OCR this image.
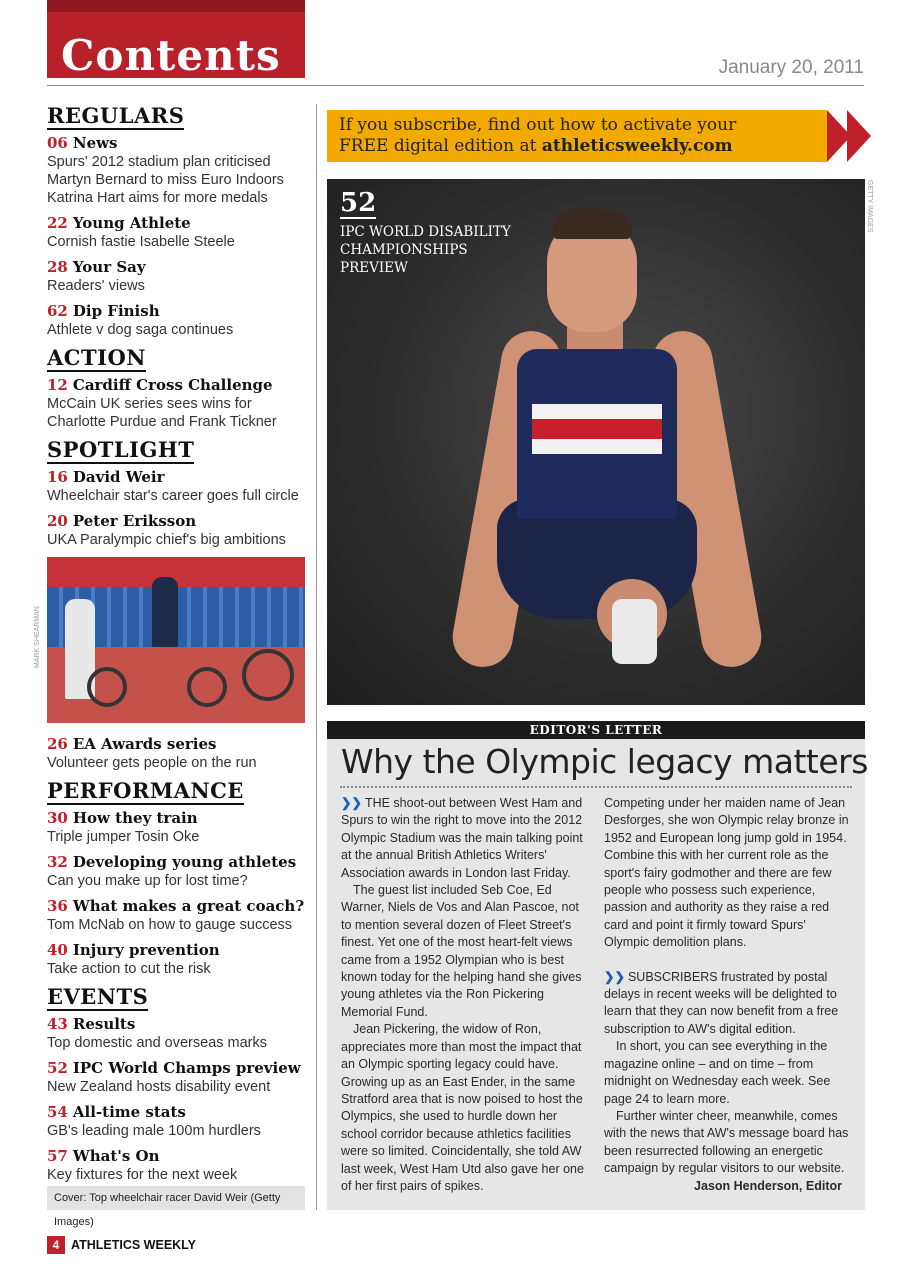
Contents	January 20, 2011
REGULARS
06 News
Spurs' 2012 stadium plan criticised
Martyn Bernard to miss Euro Indoors
Katrina Hart aims for more medals
22 Young Athlete
Cornish fastie Isabelle Steele
28 Your Say
Readers' views
62 Dip Finish
Athlete v dog saga continues
ACTION
12 Cardiff Cross Challenge
McCain UK series sees wins for
Charlotte Purdue and Frank Tickner
SPOTLIGHT
16 David Weir
Wheelchair star's career goes full circle
20 Peter Eriksson
UKA Paralympic chief's big ambitions
26 EA Awards series
Volunteer gets people on the run
PERFORMANCE
30 How they train
Triple jumper Tosin Oke
32 Developing young athletes
Can you make up for lost time?
36 What makes a great coach?
Tom McNab on how to gauge success
40 Injury prevention
Take action to cut the risk
EVENTS
43 Results
Top domestic and overseas marks
52 IPC World Champs preview
New Zealand hosts disability event
54 All-time stats
GB's leading male 100m hurdlers
57 What's On
Key fixtures for the next week
MARK SHEARMAN
Cover: Top wheelchair racer David Weir (Getty Images)
If you subscribe, find out how to activate your
FREE digital edition at athleticsweekly.com
52
IPC WORLD DISABILITY CHAMPIONSHIPS PREVIEW
GETTY IMAGES
EDITOR'S LETTER
Why the Olympic legacy matters

❯❯ THE shoot-out between West Ham and Spurs to win the right to move into the 2012 Olympic Stadium was the main talking point at the annual British Athletics Writers' Association awards in London last Friday.

The guest list included Seb Coe, Ed Warner, Niels de Vos and Alan Pascoe, not to mention several dozen of Fleet Street's finest. Yet one of the most heart-felt views came from a 1952 Olympian who is best known today for the helping hand she gives young athletes via the Ron Pickering Memorial Fund.

Jean Pickering, the widow of Ron, appreciates more than most the impact that an Olympic sporting legacy could have. Growing up as an East Ender, in the same Stratford area that is now poised to host the Olympics, she used to hurdle down her school corridor because athletics facilities were so limited. Coincidentally, she told AW last week, West Ham Utd also gave her one of her first pairs of spikes.

Competing under her maiden name of Jean Desforges, she won Olympic relay bronze in 1952 and European long jump gold in 1954. Combine this with her current role as the sport's fairy godmother and there are few people who possess such experience, passion and authority as they raise a red card and point it firmly toward Spurs' Olympic demolition plans.

❯❯ SUBSCRIBERS frustrated by postal delays in recent weeks will be delighted to learn that they can now benefit from a free subscription to AW's digital edition.

In short, you can see everything in the magazine online – and on time – from midnight on Wednesday each week. See page 24 to learn more.

Further winter cheer, meanwhile, comes with the news that AW's message board has been resurrected following an energetic campaign by regular visitors to our website.

Jason Henderson, Editor
4 ATHLETICS WEEKLY
